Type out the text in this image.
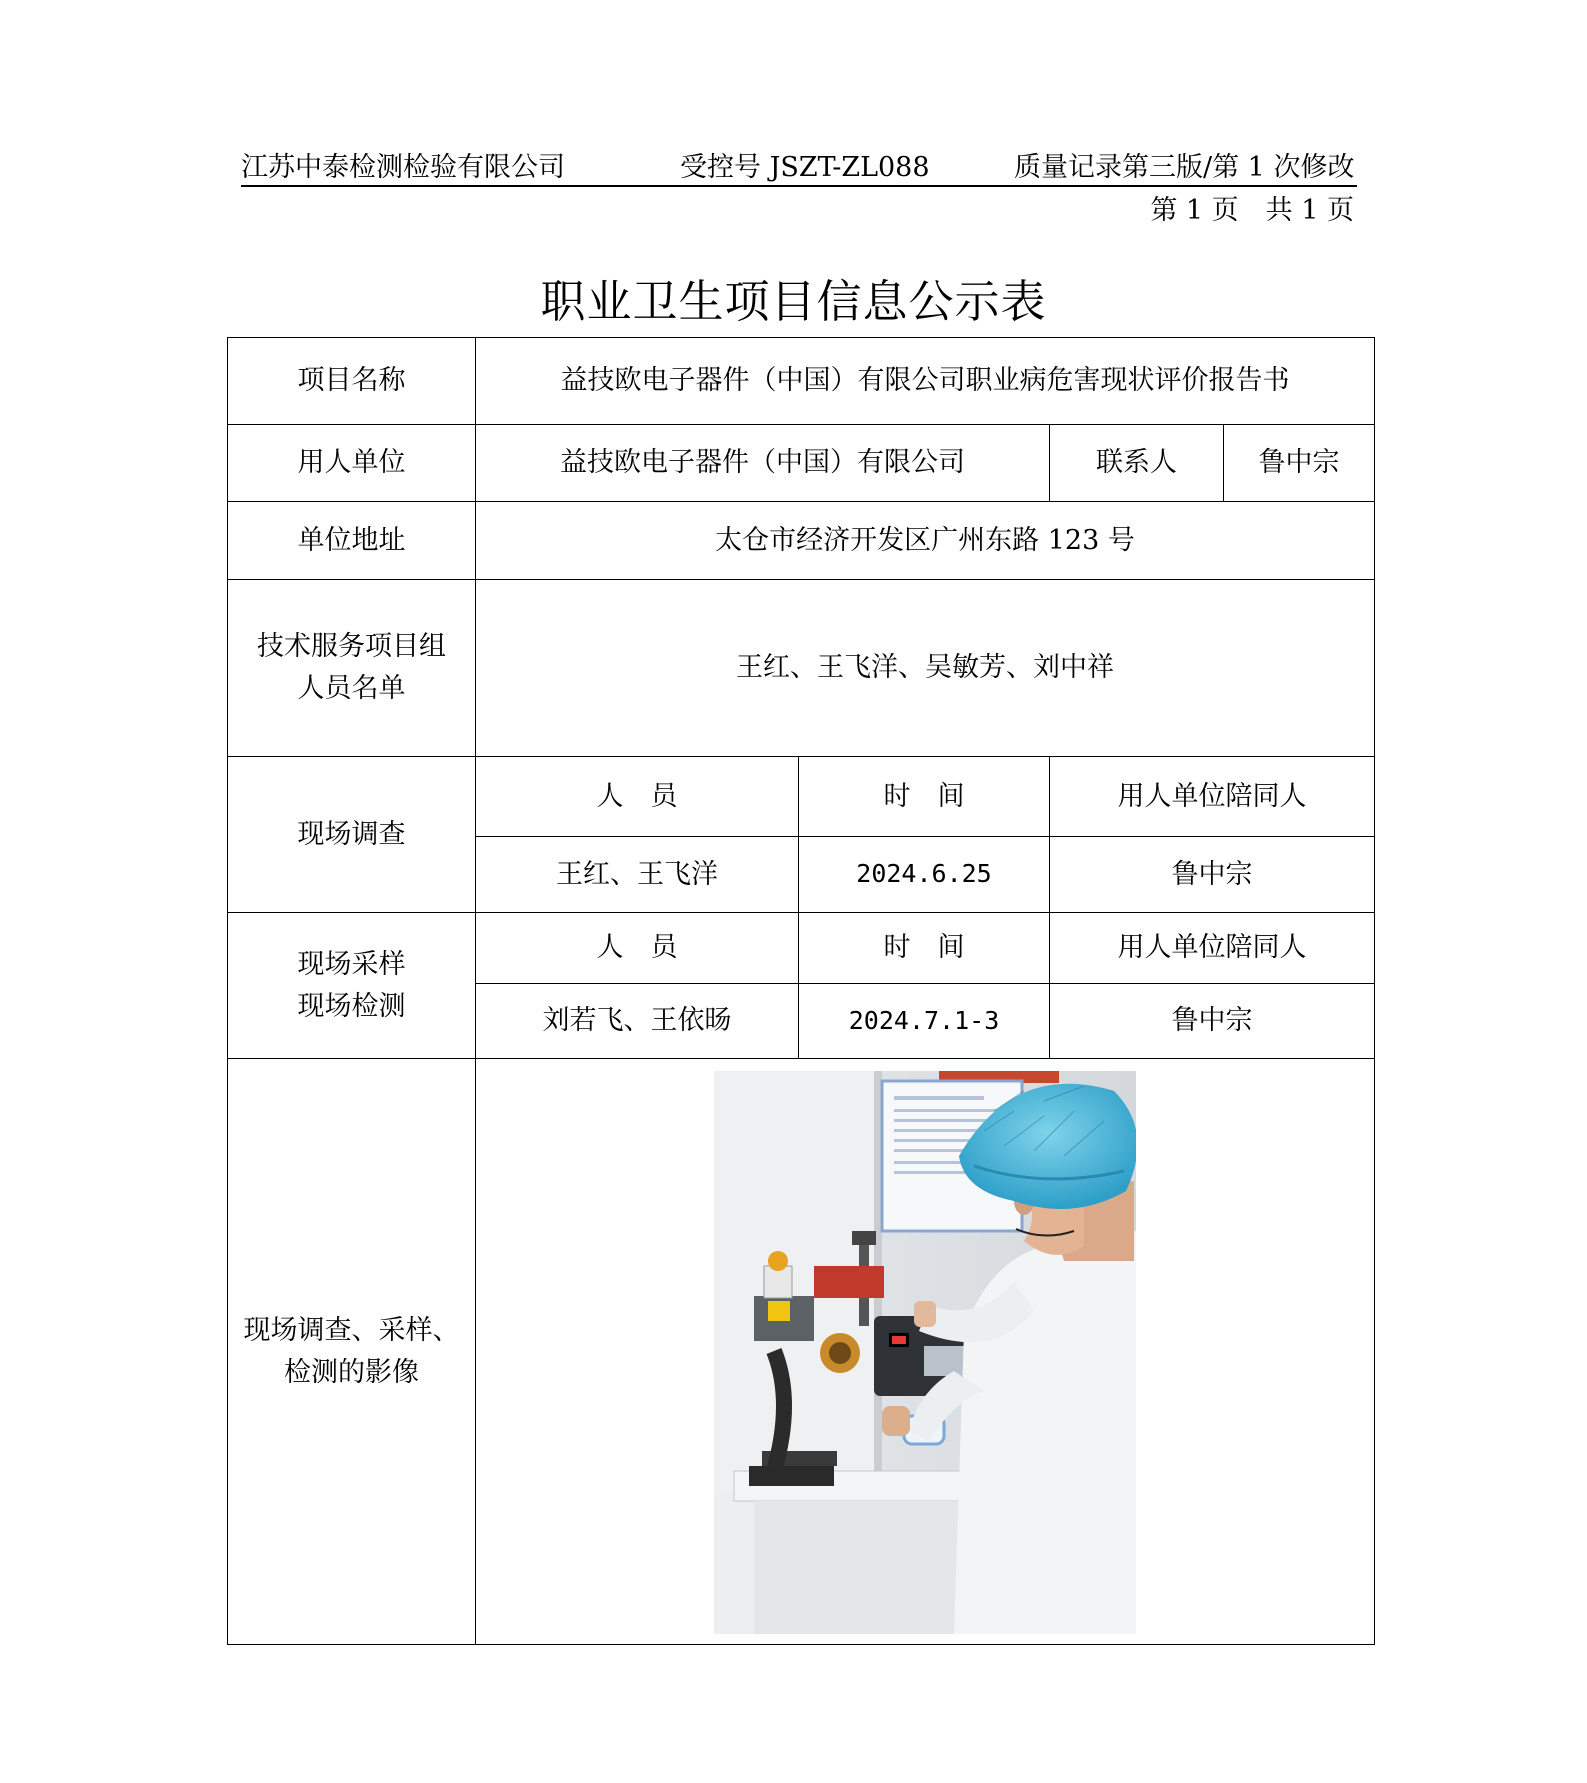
江苏中泰检测检验有限公司	受控号 JSZT-ZL088	质量记录第三版/第 1 次修改
第 1 页　共 1 页
职业卫生项目信息公示表
项目名称	益技欧电子器件（中国）有限公司职业病危害现状评价报告书			
用人单位	益技欧电子器件（中国）有限公司		联系人	鲁中宗
单位地址	太仓市经济开发区广州东路 123 号			

技术服务项目组
人员名单	王红、王飞洋、吴敏芳、刘中祥			
现场调查	人　员	时　间	用人单位陪同人	
	王红、王飞洋	2024.6.25	鲁中宗	

现场采样
现场检测	人　员	时　间	用人单位陪同人	
	刘若飞、王依旸	2024.7.1-3	鲁中宗	

现场调查、采样、
检测的影像
